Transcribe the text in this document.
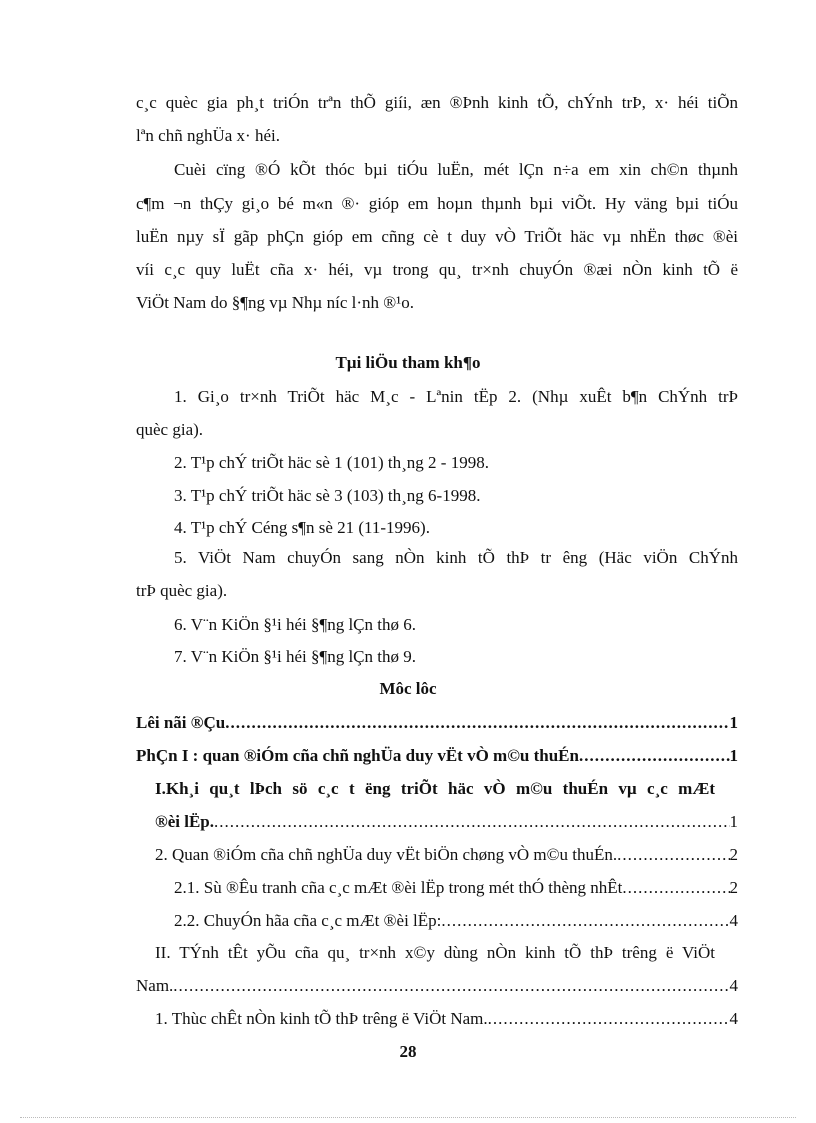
c¸c quèc gia ph¸t triÓn trªn thÕ giíi, æn ®Þnh kinh tÕ, chÝnh trÞ, x· héi tiÕn
lªn chñ nghÜa x· héi.
Cuèi cïng ®Ó kÕt thóc bµi tiÓu luËn, mét lÇn n÷a em xin ch©n thµnh
c¶m ¬n thÇy gi¸o bé m«n ®· gióp em hoµn thµnh bµi viÕt. Hy väng bµi tiÓu
luËn nµy sÏ gãp phÇn gióp em cñng cè t duy vÒ TriÕt häc vµ nhËn thøc ®èi
víi c¸c quy luËt cña x· héi, vµ trong qu¸ tr×nh chuyÓn ®æi nÒn kinh tÕ ë
ViÖt Nam do §¶ng vµ Nhµ níc l·nh ®¹o.
Tµi liÖu tham kh¶o
1. Gi¸o tr×nh TriÕt häc M¸c - Lªnin tËp 2. (Nhµ xuÊt b¶n ChÝnh trÞ
quèc gia).
2. T¹p chÝ triÕt häc sè 1 (101) th¸ng 2 - 1998.
3. T¹p chÝ triÕt häc sè 3 (103) th¸ng 6-1998.
4. T¹p chÝ Céng s¶n sè 21 (11-1996).
5. ViÖt Nam chuyÓn sang nÒn kinh tÕ thÞ tr êng (Häc viÖn ChÝnh
trÞ quèc gia).
6. V¨n KiÖn §¹i héi §¶ng lÇn thø 6.
7. V¨n KiÖn §¹i héi §¶ng lÇn thø 9.
Môc lôc
Lêi nãi ®Çu .....	1
PhÇn I : quan ®iÓm cña chñ nghÜa duy vËt vÒ m©u thuÉn .....	1
I.Kh¸i qu¸t lÞch sö c¸c t ëng triÕt häc vÒ m©u thuÉn vµ c¸c mÆt
®èi lËp. .....	1
2. Quan ®iÓm cña chñ nghÜa duy vËt biÖn chøng vÒ m©u thuÉn. .....	2
2.1. Sù ®Êu tranh cña c¸c mÆt ®èi lËp trong mét thÓ thèng nhÊt .....	2
2.2. ChuyÓn hãa cña c¸c mÆt ®èi lËp: .....	4
II. TÝnh tÊt yÕu cña qu¸ tr×nh x©y dùng nÒn kinh tÕ thÞ trêng ë ViÖt
Nam. .....	4
1. Thùc chÊt nÒn kinh tÕ thÞ trêng ë ViÖt Nam. .....	4
28
